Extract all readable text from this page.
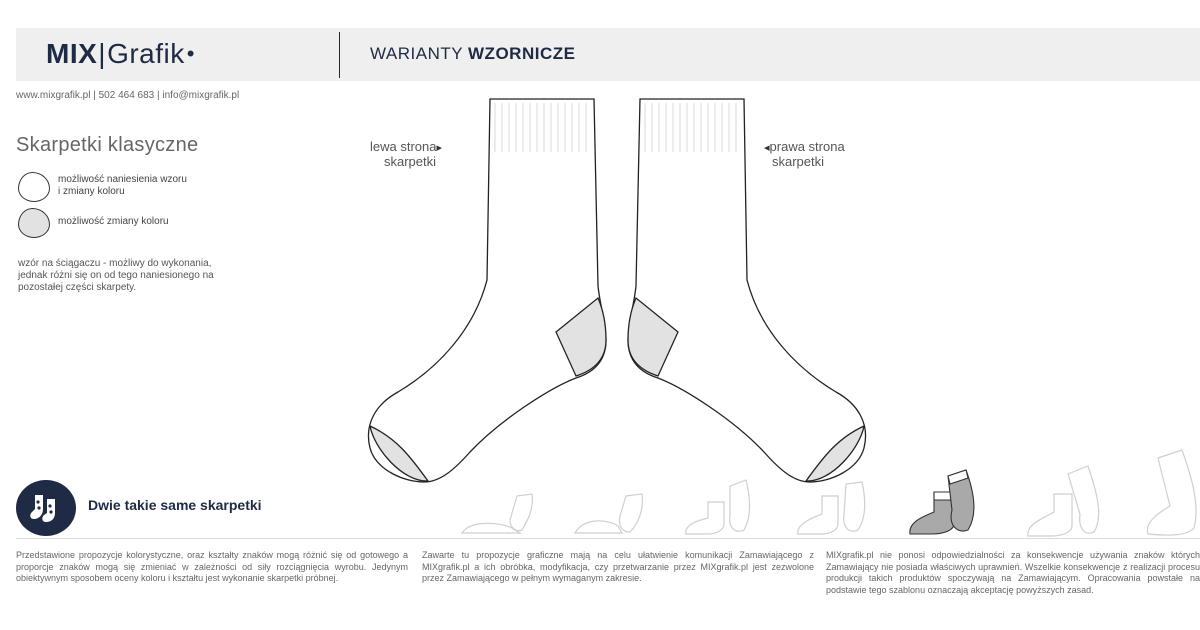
MIX|Grafik•	WARIANTY WZORNICZE
www.mixgrafik.pl | 502 464 683 | info@mixgrafik.pl
Skarpetki klasyczne
możliwość naniesienia wzoru
i zmiany koloru
możliwość zmiany koloru
wzór na ściągaczu - możliwy do wykonania,
jednak różni się on od tego naniesionego na
pozostałej części skarpety.
lewa strona▸
skarpetki
◂prawa strona
skarpetki
Dwie takie same skarpetki
Przedstawione propozycje kolorystyczne, oraz kształty znaków mogą różnić się od gotowego a proporcje znaków mogą się zmieniać w zależności od siły rozciągnięcia wyrobu. Jedynym obiektywnym sposobem oceny koloru i kształtu jest wykonanie skarpetki próbnej.
Zawarte tu propozycje graficzne mają na celu ułatwienie komunikacji Zamawiającego z MIXgrafik.pl a ich obróbka, modyfikacja, czy przetwarzanie przez MIXgrafik.pl jest zezwolone przez Zamawiającego w pełnym wymaganym zakresie.
MIXgrafik.pl nie ponosi odpowiedzialności za konsekwencje używania znaków których Zamawiający nie posiada właściwych uprawnień. Wszelkie konsekwencje z realizacji procesu produkcji takich produktów spoczywają na Zamawiającym. Opracowania powstałe na podstawie tego szablonu oznaczają akceptację powyższych zasad.
